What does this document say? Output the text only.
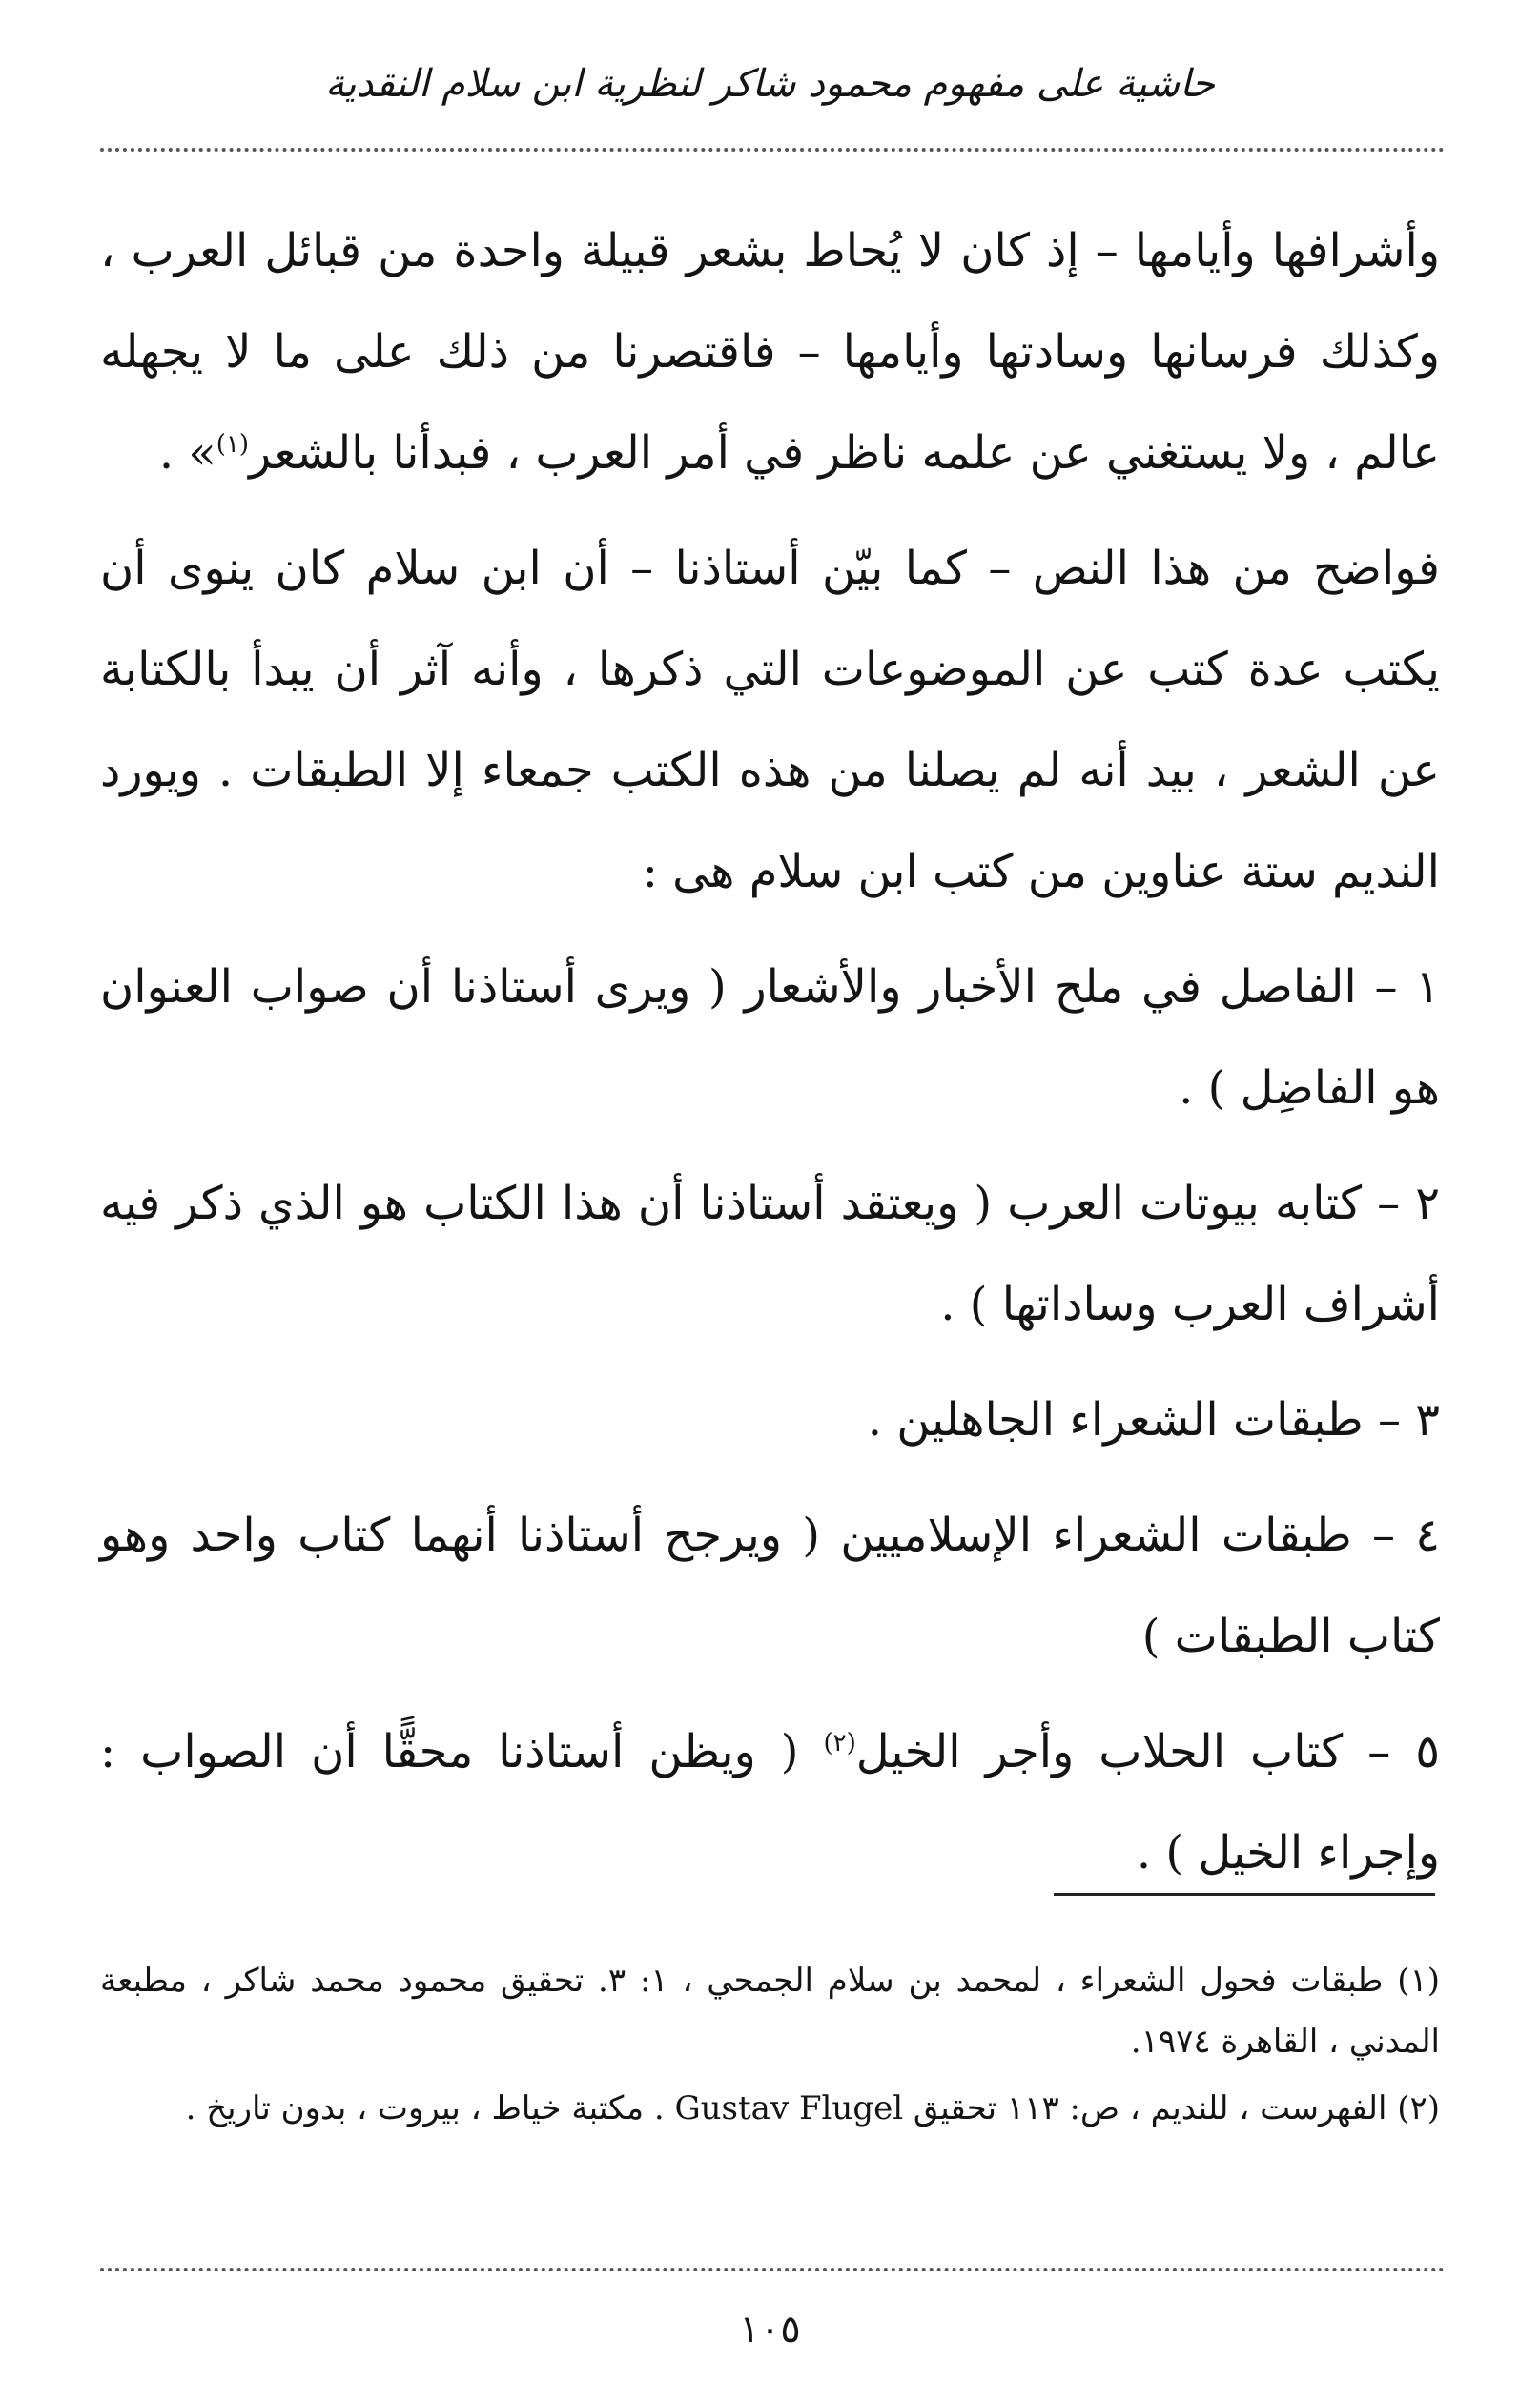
حاشية على مفهوم محمود شاكر لنظرية ابن سلام النقدية

وأشرافها وأيامها – إذ كان لا يُحاط بشعر قبيلة واحدة من قبائل العرب ، وكذلك فرسانها وسادتها وأيامها – فاقتصرنا من ذلك على ما لا يجهله عالم ، ولا يستغني عن علمه ناظر في أمر العرب ، فبدأنا بالشعر$^{(١)}$» .

فواضح من هذا النص – كما بيّن أستاذنا – أن ابن سلام كان ينوى أن يكتب عدة كتب عن الموضوعات التي ذكرها ، وأنه آثر أن يبدأ بالكتابة عن الشعر ، بيد أنه لم يصلنا من هذه الكتب جمعاء إلا الطبقات . ويورد النديم ستة عناوين من كتب ابن سلام هى :

١ – الفاصل في ملح الأخبار والأشعار ( ويرى أستاذنا أن صواب العنوان هو الفاضِل ) .

٢ – كتابه بيوتات العرب ( ويعتقد أستاذنا أن هذا الكتاب هو الذي ذكر فيه أشراف العرب وساداتها ) .

٣ – طبقات الشعراء الجاهلين .

٤ – طبقات الشعراء الإسلاميين ( ويرجح أستاذنا أنهما كتاب واحد وهو كتاب الطبقات )

٥ – كتاب الحلاب وأجر الخيل$^{(٢)}$ ( ويظن أستاذنا محقًّا أن الصواب : وإجراء الخيل ) .

(١) طبقات فحول الشعراء ، لمحمد بن سلام الجمحي ، ١: ٣. تحقيق محمود محمد شاكر ، مطبعة المدني ، القاهرة ١٩٧٤.

(٢) الفهرست ، للنديم ، ص: ١١٣ تحقيق Gustav Flugel . مكتبة خياط ، بيروت ، بدون تاريخ .

١٠٥
